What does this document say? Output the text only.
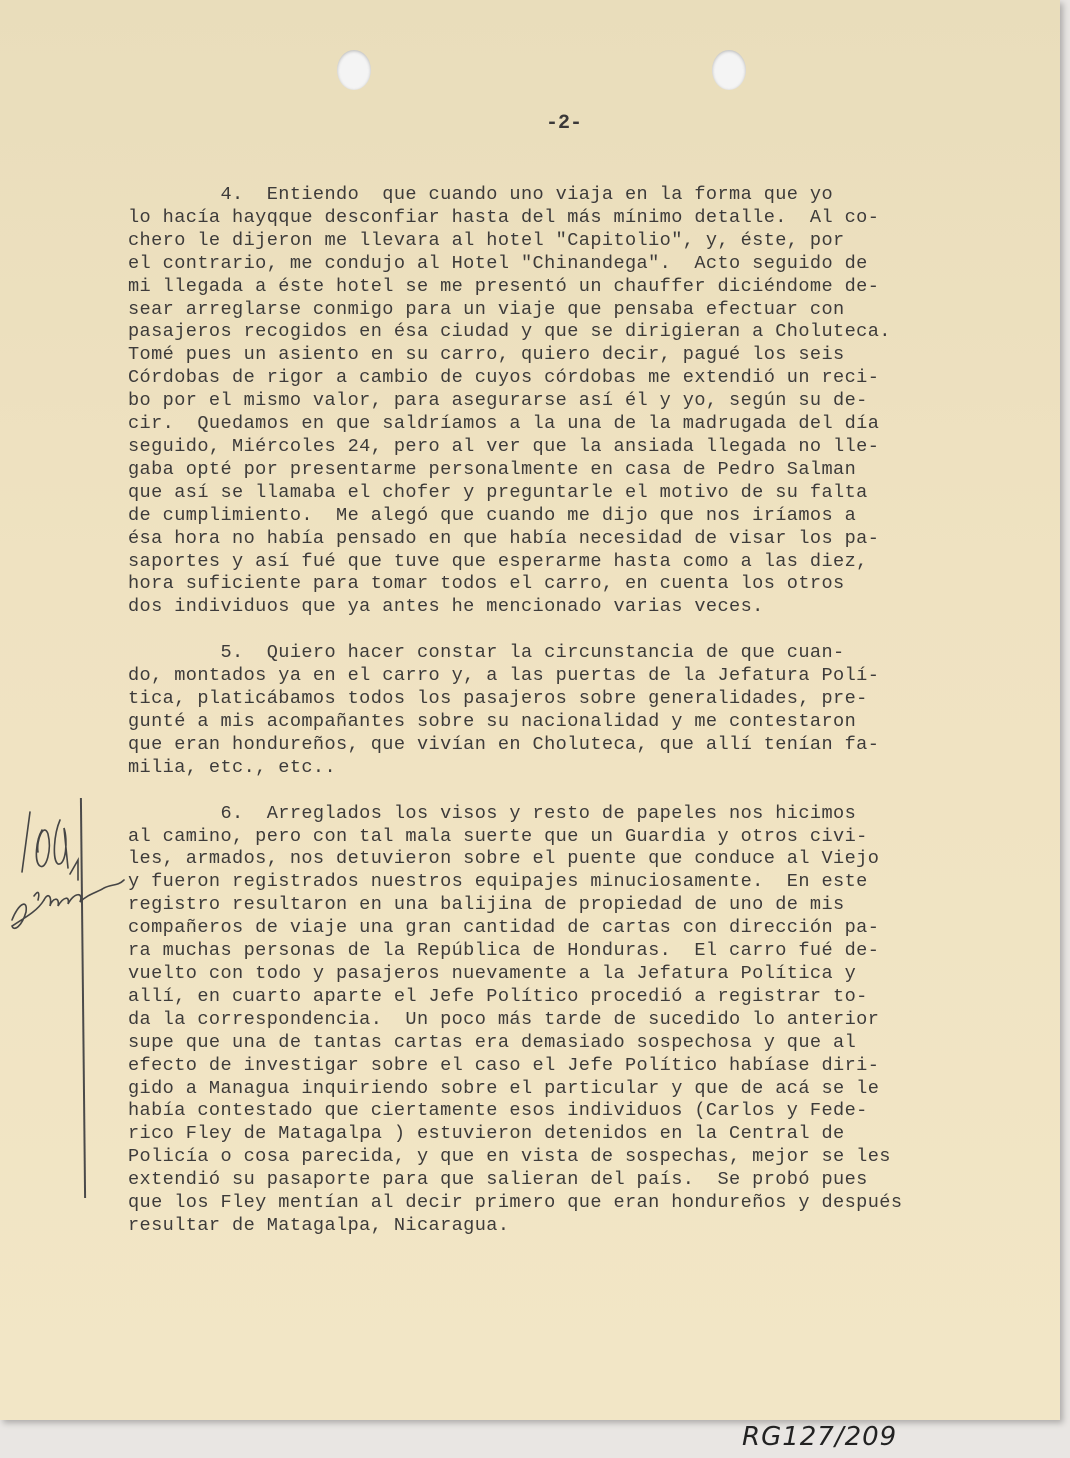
-2-
4.  Entiendo  que cuando uno viaja en la forma que yo
lo hacía hayqque desconfiar hasta del más mínimo detalle.  Al co-
chero le dijeron me llevara al hotel "Capitolio", y, éste, por
el contrario, me condujo al Hotel "Chinandega".  Acto seguido de
mi llegada a éste hotel se me presentó un chauffer diciéndome de-
sear arreglarse conmigo para un viaje que pensaba efectuar con
pasajeros recogidos en ésa ciudad y que se dirigieran a Choluteca.
Tomé pues un asiento en su carro, quiero decir, pagué los seis
Córdobas de rigor a cambio de cuyos córdobas me extendió un reci-
bo por el mismo valor, para asegurarse así él y yo, según su de-
cir.  Quedamos en que saldríamos a la una de la madrugada del día
seguido, Miércoles 24, pero al ver que la ansiada llegada no lle-
gaba opté por presentarme personalmente en casa de Pedro Salman
que así se llamaba el chofer y preguntarle el motivo de su falta
de cumplimiento.  Me alegó que cuando me dijo que nos iríamos a
ésa hora no había pensado en que había necesidad de visar los pa-
saportes y así fué que tuve que esperarme hasta como a las diez,
hora suficiente para tomar todos el carro, en cuenta los otros
dos individuos que ya antes he mencionado varias veces.
5.  Quiero hacer constar la circunstancia de que cuan-
do, montados ya en el carro y, a las puertas de la Jefatura Polí-
tica, platicábamos todos los pasajeros sobre generalidades, pre-
gunté a mis acompañantes sobre su nacionalidad y me contestaron
que eran hondureños, que vivían en Choluteca, que allí tenían fa-
milia, etc., etc..
6.  Arreglados los visos y resto de papeles nos hicimos
al camino, pero con tal mala suerte que un Guardia y otros civi-
les, armados, nos detuvieron sobre el puente que conduce al Viejo
y fueron registrados nuestros equipajes minuciosamente.  En este
registro resultaron en una balijina de propiedad de uno de mis
compañeros de viaje una gran cantidad de cartas con dirección pa-
ra muchas personas de la República de Honduras.  El carro fué de-
vuelto con todo y pasajeros nuevamente a la Jefatura Política y
allí, en cuarto aparte el Jefe Político procedió a registrar to-
da la correspondencia.  Un poco más tarde de sucedido lo anterior
supe que una de tantas cartas era demasiado sospechosa y que al
efecto de investigar sobre el caso el Jefe Político habíase diri-
gido a Managua inquiriendo sobre el particular y que de acá se le
había contestado que ciertamente esos individuos (Carlos y Fede-
rico Fley de Matagalpa ) estuvieron detenidos en la Central de
Policía o cosa parecida, y que en vista de sospechas, mejor se les
extendió su pasaporte para que salieran del país.  Se probó pues
que los Fley mentían al decir primero que eran hondureños y después
resultar de Matagalpa, Nicaragua.
RG127/209
